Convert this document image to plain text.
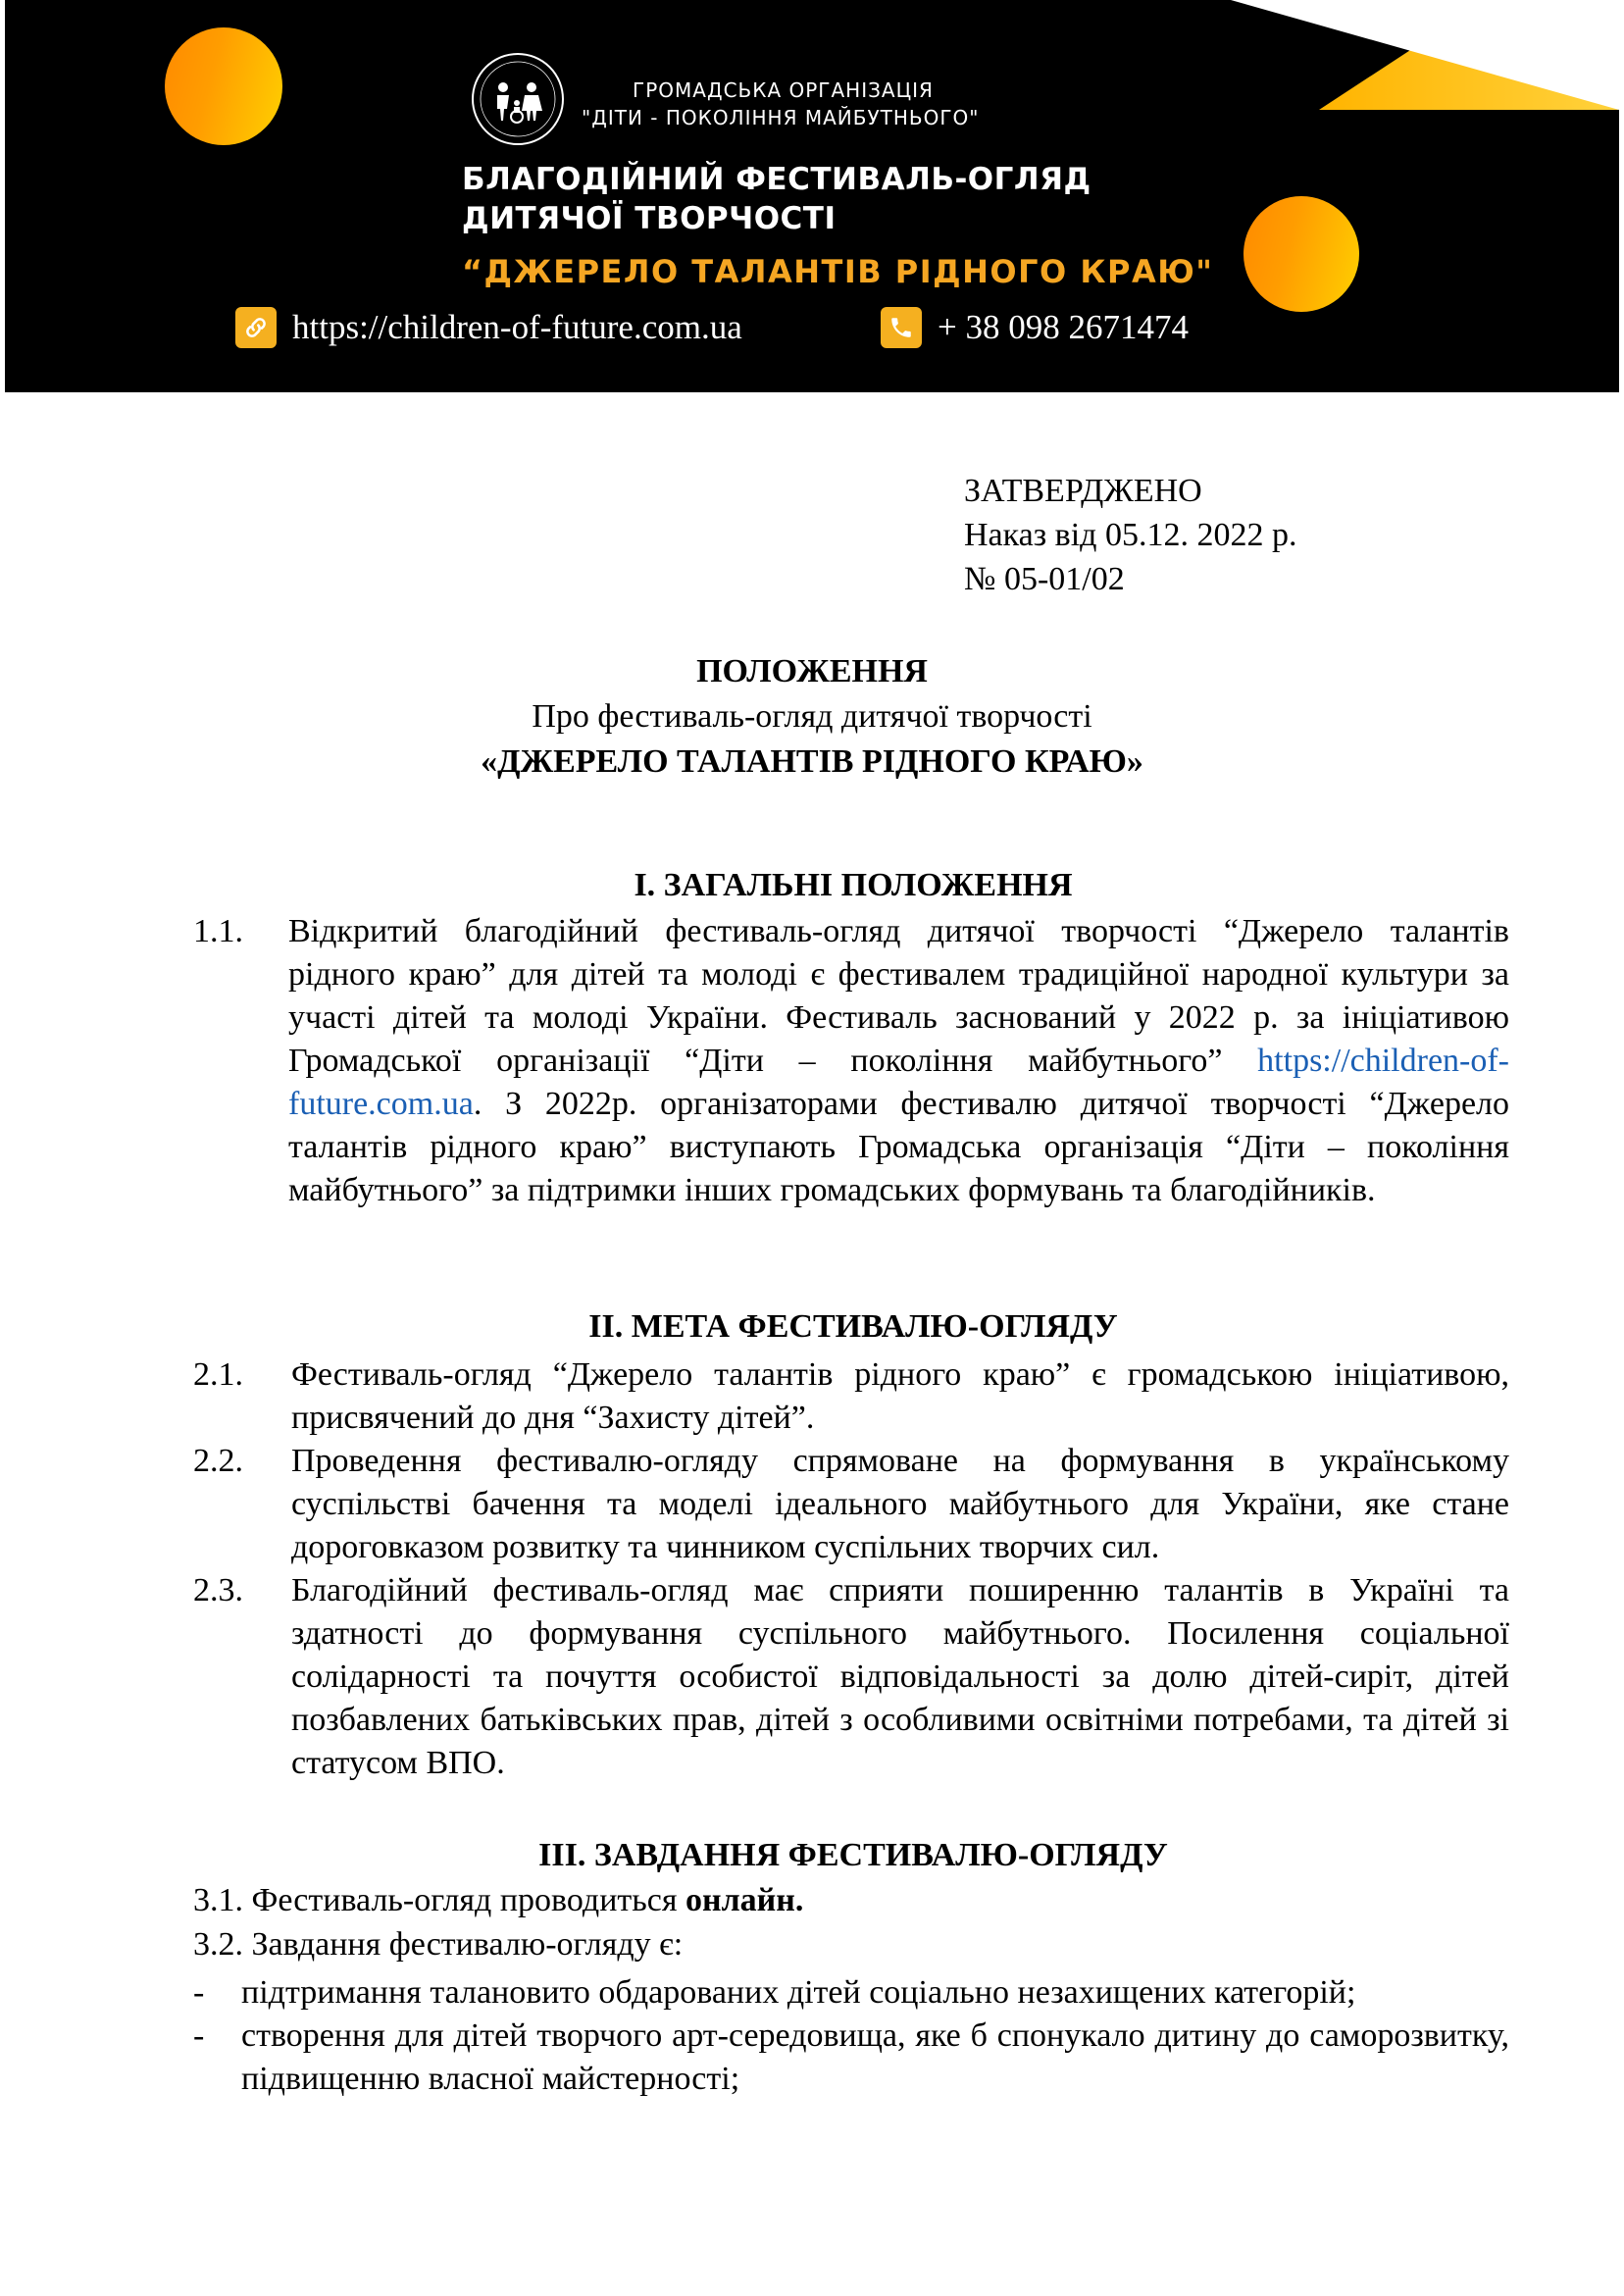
ГРОМАДСЬКА ОРГАНІЗАЦІЯ
"ДІТИ - ПОКОЛІННЯ МАЙБУТНЬОГО"
БЛАГОДІЙНИЙ ФЕСТИВАЛЬ-ОГЛЯД
ДИТЯЧОЇ ТВОРЧОСТІ
“ДЖЕРЕЛО ТАЛАНТІВ РІДНОГО КРАЮ"
https://children-of-future.com.ua	+ 38 098 2671474
ЗАТВЕРДЖЕНО
Наказ від 05.12. 2022 р.
№ 05-01/02
ПОЛОЖЕННЯ
Про фестиваль-огляд дитячої творчості
«ДЖЕРЕЛО ТАЛАНТІВ РІДНОГО КРАЮ»
І. ЗАГАЛЬНІ ПОЛОЖЕННЯ
1.1.	Відкритий благодійний фестиваль-огляд дитячої творчості “Джерело талантів рідного краю” для дітей та молоді є фестивалем традиційної народної культури за участі дітей та молоді України. Фестиваль заснований у 2022 р. за ініціативою Громадської організації “Діти – покоління майбутнього” https://children-of-future.com.ua. З 2022р. організаторами фестивалю дитячої творчості “Джерело талантів рідного краю” виступають Громадська організація “Діти – покоління майбутнього” за підтримки інших громадських формувань та благодійників.
ІІ. МЕТА ФЕСТИВАЛЮ-ОГЛЯДУ
2.1.	Фестиваль-огляд “Джерело талантів рідного краю” є громадською ініціативою, присвячений до дня “Захисту дітей”.
2.2.	Проведення фестивалю-огляду спрямоване на формування в українському суспільстві бачення та моделі ідеального майбутнього для України, яке стане дороговказом розвитку та чинником суспільних творчих сил.
2.3.	Благодійний фестиваль-огляд має сприяти поширенню талантів в Україні та здатності до формування суспільного майбутнього. Посилення соціальної солідарності та почуття особистої відповідальності за долю дітей-сиріт, дітей позбавлених батьківських прав, дітей з особливими освітніми потребами, та дітей зі статусом ВПО.
ІІІ. ЗАВДАННЯ ФЕСТИВАЛЮ-ОГЛЯДУ
3.1. Фестиваль-огляд проводиться онлайн.
3.2. Завдання фестивалю-огляду є:
- підтримання талановито обдарованих дітей соціально незахищених категорій;
- створення для дітей творчого арт-середовища, яке б спонукало дитину до саморозвитку, підвищенню власної майстерності;
